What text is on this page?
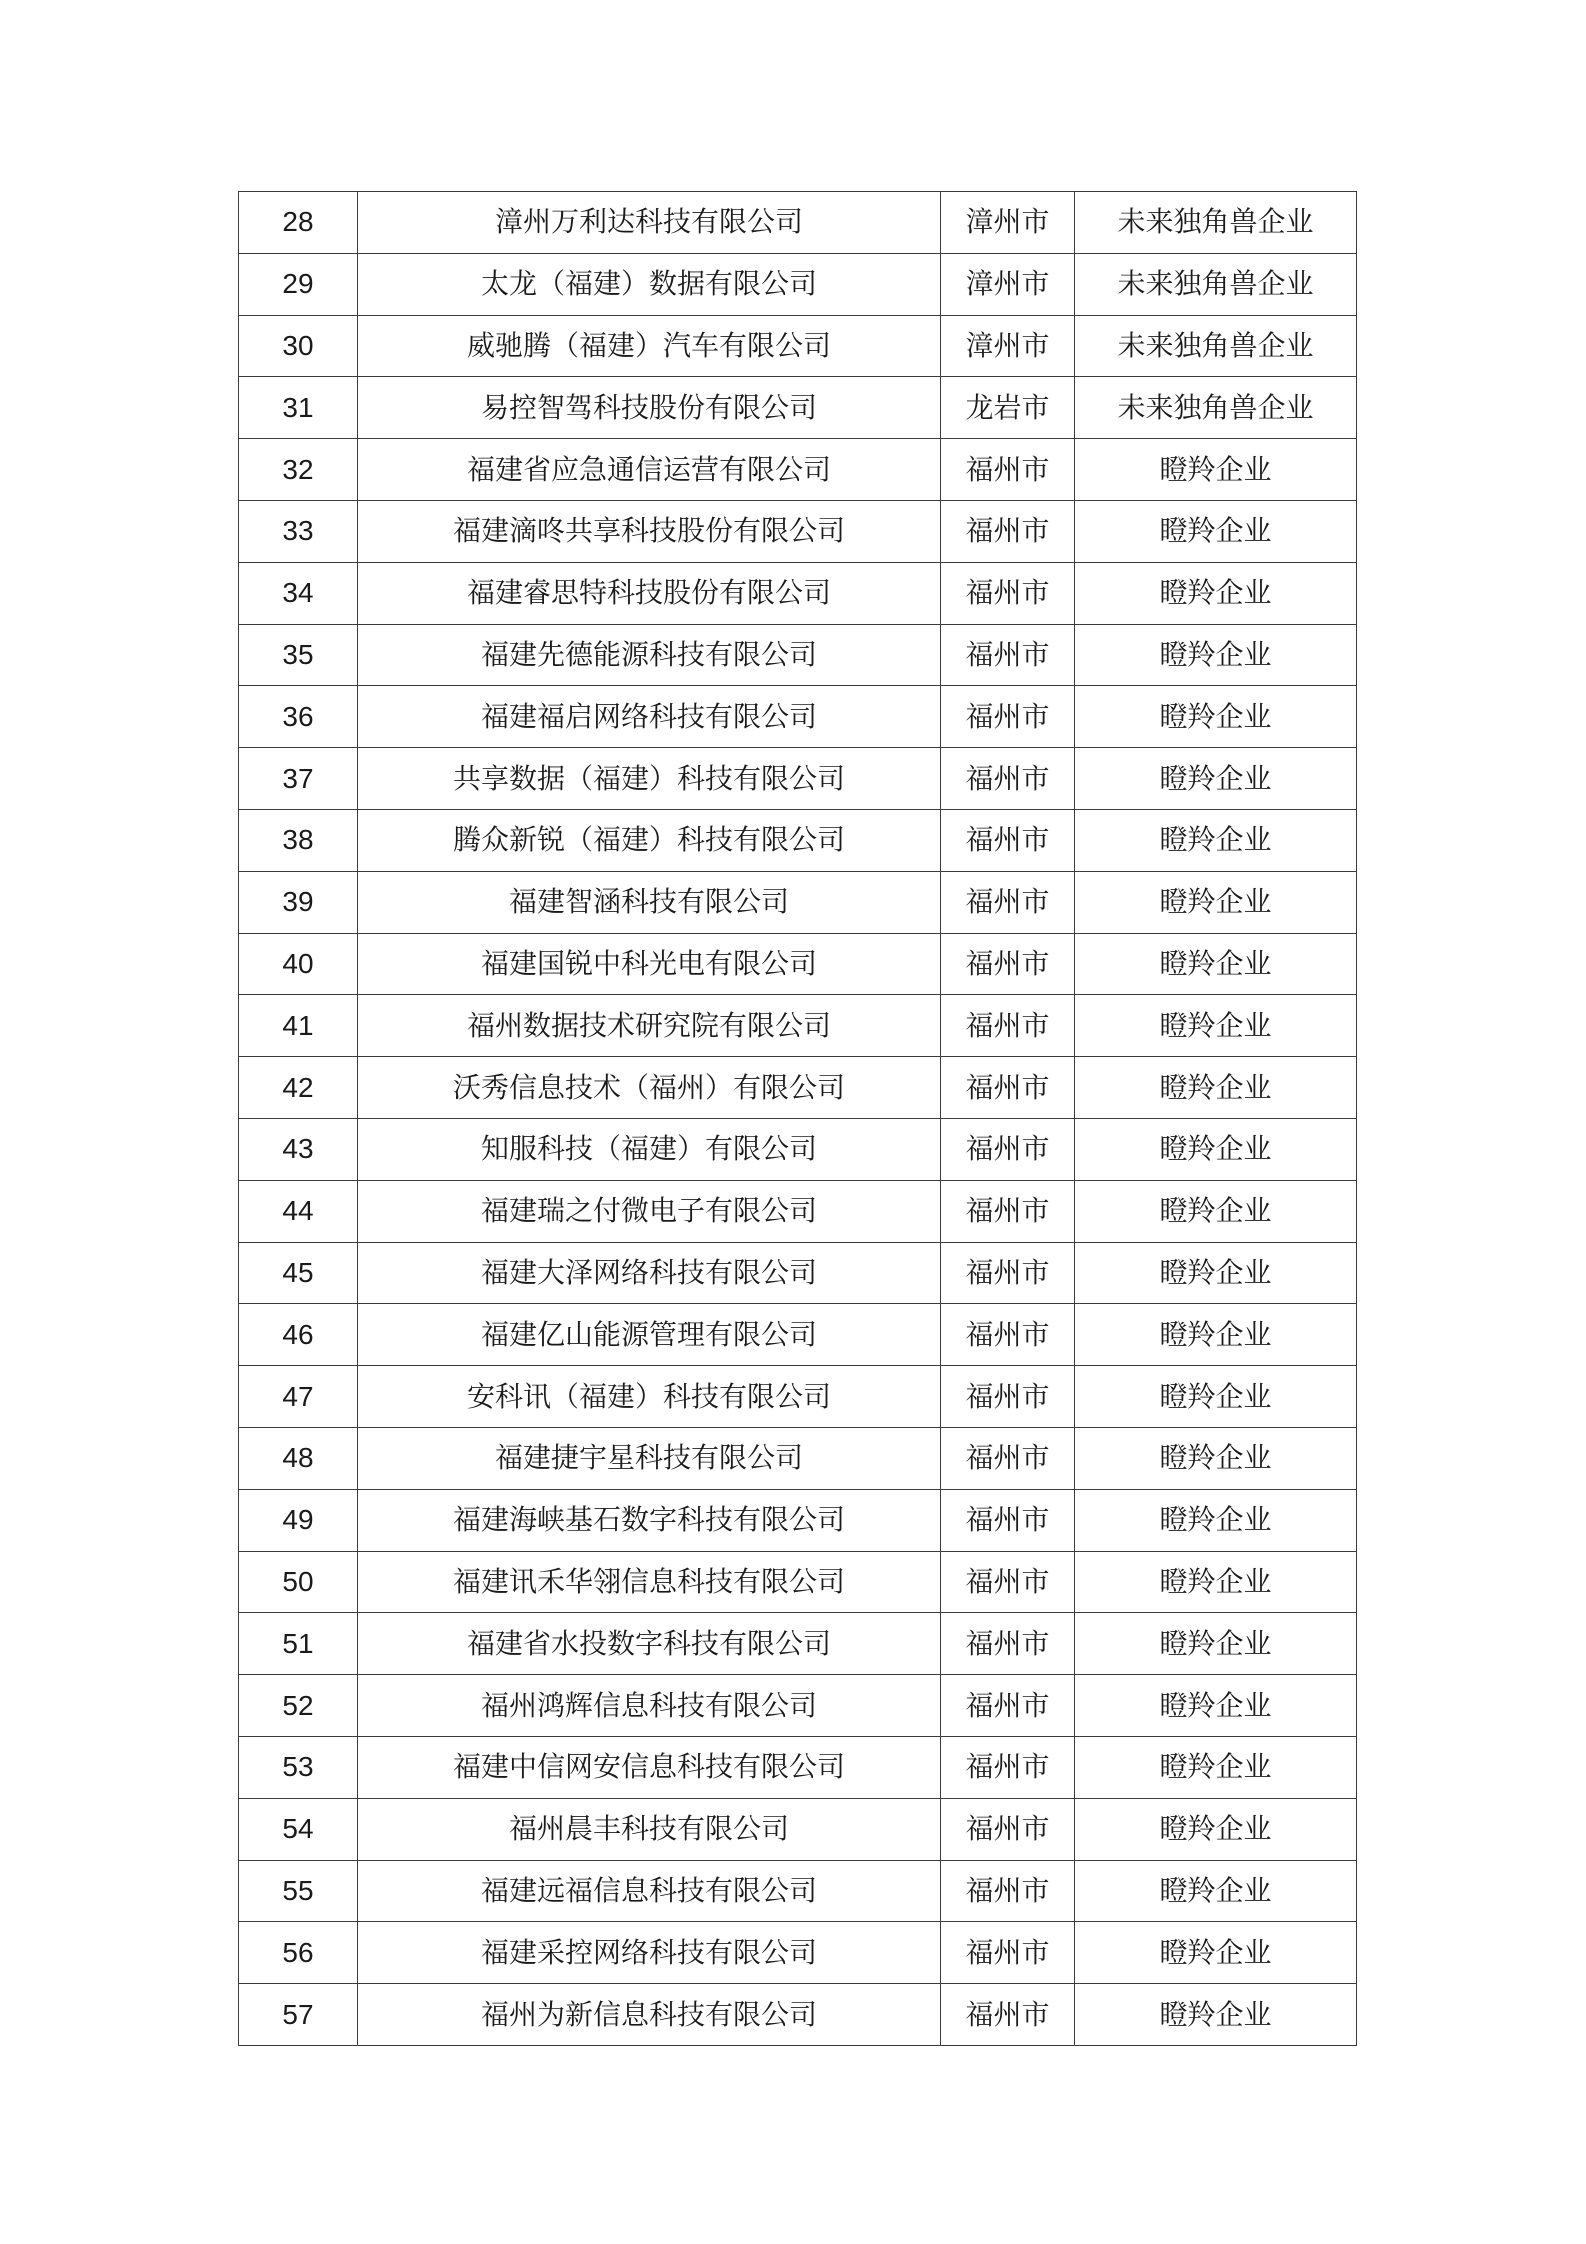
28	漳州万利达科技有限公司	漳州市	未来独角兽企业
29	太龙（福建）数据有限公司	漳州市	未来独角兽企业
30	威驰腾（福建）汽车有限公司	漳州市	未来独角兽企业
31	易控智驾科技股份有限公司	龙岩市	未来独角兽企业
32	福建省应急通信运营有限公司	福州市	瞪羚企业
33	福建滴咚共享科技股份有限公司	福州市	瞪羚企业
34	福建睿思特科技股份有限公司	福州市	瞪羚企业
35	福建先德能源科技有限公司	福州市	瞪羚企业
36	福建福启网络科技有限公司	福州市	瞪羚企业
37	共享数据（福建）科技有限公司	福州市	瞪羚企业
38	腾众新锐（福建）科技有限公司	福州市	瞪羚企业
39	福建智涵科技有限公司	福州市	瞪羚企业
40	福建国锐中科光电有限公司	福州市	瞪羚企业
41	福州数据技术研究院有限公司	福州市	瞪羚企业
42	沃秀信息技术（福州）有限公司	福州市	瞪羚企业
43	知服科技（福建）有限公司	福州市	瞪羚企业
44	福建瑞之付微电子有限公司	福州市	瞪羚企业
45	福建大泽网络科技有限公司	福州市	瞪羚企业
46	福建亿山能源管理有限公司	福州市	瞪羚企业
47	安科讯（福建）科技有限公司	福州市	瞪羚企业
48	福建捷宇星科技有限公司	福州市	瞪羚企业
49	福建海峡基石数字科技有限公司	福州市	瞪羚企业
50	福建讯禾华翎信息科技有限公司	福州市	瞪羚企业
51	福建省水投数字科技有限公司	福州市	瞪羚企业
52	福州鸿辉信息科技有限公司	福州市	瞪羚企业
53	福建中信网安信息科技有限公司	福州市	瞪羚企业
54	福州晨丰科技有限公司	福州市	瞪羚企业
55	福建远福信息科技有限公司	福州市	瞪羚企业
56	福建采控网络科技有限公司	福州市	瞪羚企业
57	福州为新信息科技有限公司	福州市	瞪羚企业
